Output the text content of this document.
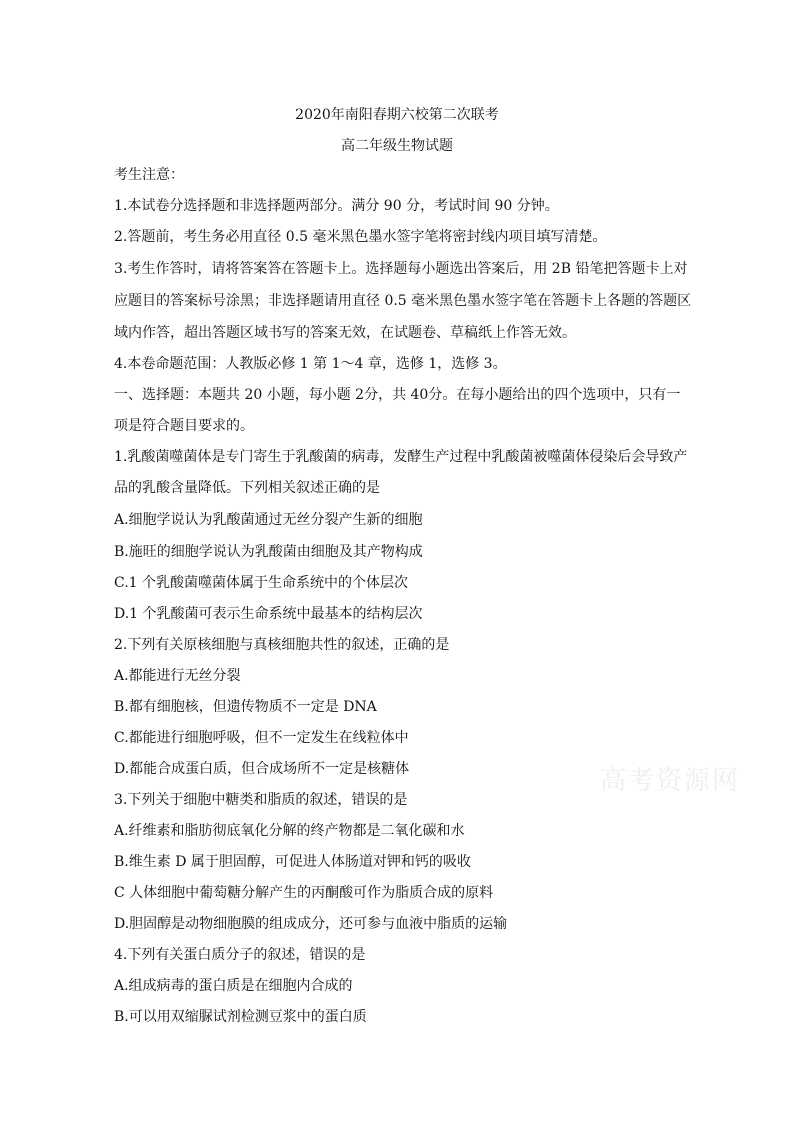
2020年南阳春期六校第二次联考
高二年级生物试题
考生注意：
1.本试卷分选择题和非选择题两部分。满分 90 分，考试时间 90 分钟。
2.答题前，考生务必用直径 0.5 毫米黑色墨水签字笔将密封线内项目填写清楚。
3.考生作答时，请将答案答在答题卡上。选择题每小题选出答案后，用 2B 铅笔把答题卡上对
应题目的答案标号涂黑；非选择题请用直径 0.5 毫米黑色墨水签字笔在答题卡上各题的答题区
域内作答，超出答题区域书写的答案无效，在试题卷、草稿纸上作答无效。
4.本卷命题范围：人教版必修 1 第 1～4 章，选修 1，选修 3。
一、选择题：本题共 20 小题，每小题 2分，共 40分。在每小题给出的四个选项中，只有一
项是符合题目要求的。
1.乳酸菌噬菌体是专门寄生于乳酸菌的病毒，发酵生产过程中乳酸菌被噬菌体侵染后会导致产
品的乳酸含量降低。下列相关叙述正确的是
A.细胞学说认为乳酸菌通过无丝分裂产生新的细胞
B.施旺的细胞学说认为乳酸菌由细胞及其产物构成
C.1 个乳酸菌噬菌体属于生命系统中的个体层次
D.1 个乳酸菌可表示生命系统中最基本的结构层次
2.下列有关原核细胞与真核细胞共性的叙述，正确的是
A.都能进行无丝分裂
B.都有细胞核，但遗传物质不一定是 DNA
C.都能进行细胞呼吸，但不一定发生在线粒体中
D.都能合成蛋白质，但合成场所不一定是核糖体
3.下列关于细胞中糖类和脂质的叙述，错误的是
A.纤维素和脂肪彻底氧化分解的终产物都是二氧化碳和水
B.维生素 D 属于胆固醇，可促进人体肠道对钾和钙的吸收
C 人体细胞中葡萄糖分解产生的丙酮酸可作为脂质合成的原料
D.胆固醇是动物细胞膜的组成成分，还可参与血液中脂质的运输
4.下列有关蛋白质分子的叙述，错误的是
A.组成病毒的蛋白质是在细胞内合成的
B.可以用双缩脲试剂检测豆浆中的蛋白质
高考资源网
